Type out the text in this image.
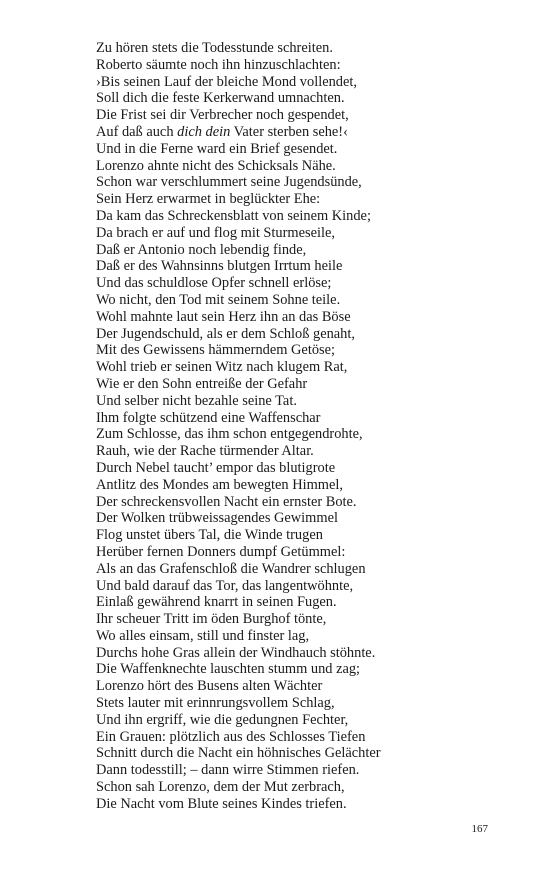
Zu hören stets die Todesstunde schreiten.
Roberto säumte noch ihn hinzuschlachten:
›Bis seinen Lauf der bleiche Mond vollendet,
Soll dich die feste Kerkerwand umnachten.
Die Frist sei dir Verbrecher noch gespendet,
Auf daß auch dich dein Vater sterben sehe!‹
Und in die Ferne ward ein Brief gesendet.
Lorenzo ahnte nicht des Schicksals Nähe.
Schon war verschlummert seine Jugendsünde,
Sein Herz erwarmet in beglückter Ehe:
Da kam das Schreckensblatt von seinem Kinde;
Da brach er auf und flog mit Sturmeseile,
Daß er Antonio noch lebendig finde,
Daß er des Wahnsinns blutgen Irrtum heile
Und das schuldlose Opfer schnell erlöse;
Wo nicht, den Tod mit seinem Sohne teile.
Wohl mahnte laut sein Herz ihn an das Böse
Der Jugendschuld, als er dem Schloß genaht,
Mit des Gewissens hämmerndem Getöse;
Wohl trieb er seinen Witz nach klugem Rat,
Wie er den Sohn entreiße der Gefahr
Und selber nicht bezahle seine Tat.
Ihm folgte schützend eine Waffenschar
Zum Schlosse, das ihm schon entgegendrohte,
Rauh, wie der Rache türmender Altar.
Durch Nebel taucht’ empor das blutigrote
Antlitz des Mondes am bewegten Himmel,
Der schreckensvollen Nacht ein ernster Bote.
Der Wolken trübweissagendes Gewimmel
Flog unstet übers Tal, die Winde trugen
Herüber fernen Donners dumpf Getümmel:
Als an das Grafenschloß die Wandrer schlugen
Und bald darauf das Tor, das langentwöhnte,
Einlaß gewährend knarrt in seinen Fugen.
Ihr scheuer Tritt im öden Burghof tönte,
Wo alles einsam, still und finster lag,
Durchs hohe Gras allein der Windhauch stöhnte.
Die Waffenknechte lauschten stumm und zag;
Lorenzo hört des Busens alten Wächter
Stets lauter mit erinnrungsvollem Schlag,
Und ihn ergriff, wie die gedungnen Fechter,
Ein Grauen: plötzlich aus des Schlosses Tiefen
Schnitt durch die Nacht ein höhnisches Gelächter
Dann todesstill; – dann wirre Stimmen riefen.
Schon sah Lorenzo, dem der Mut zerbrach,
Die Nacht vom Blute seines Kindes triefen.
167
